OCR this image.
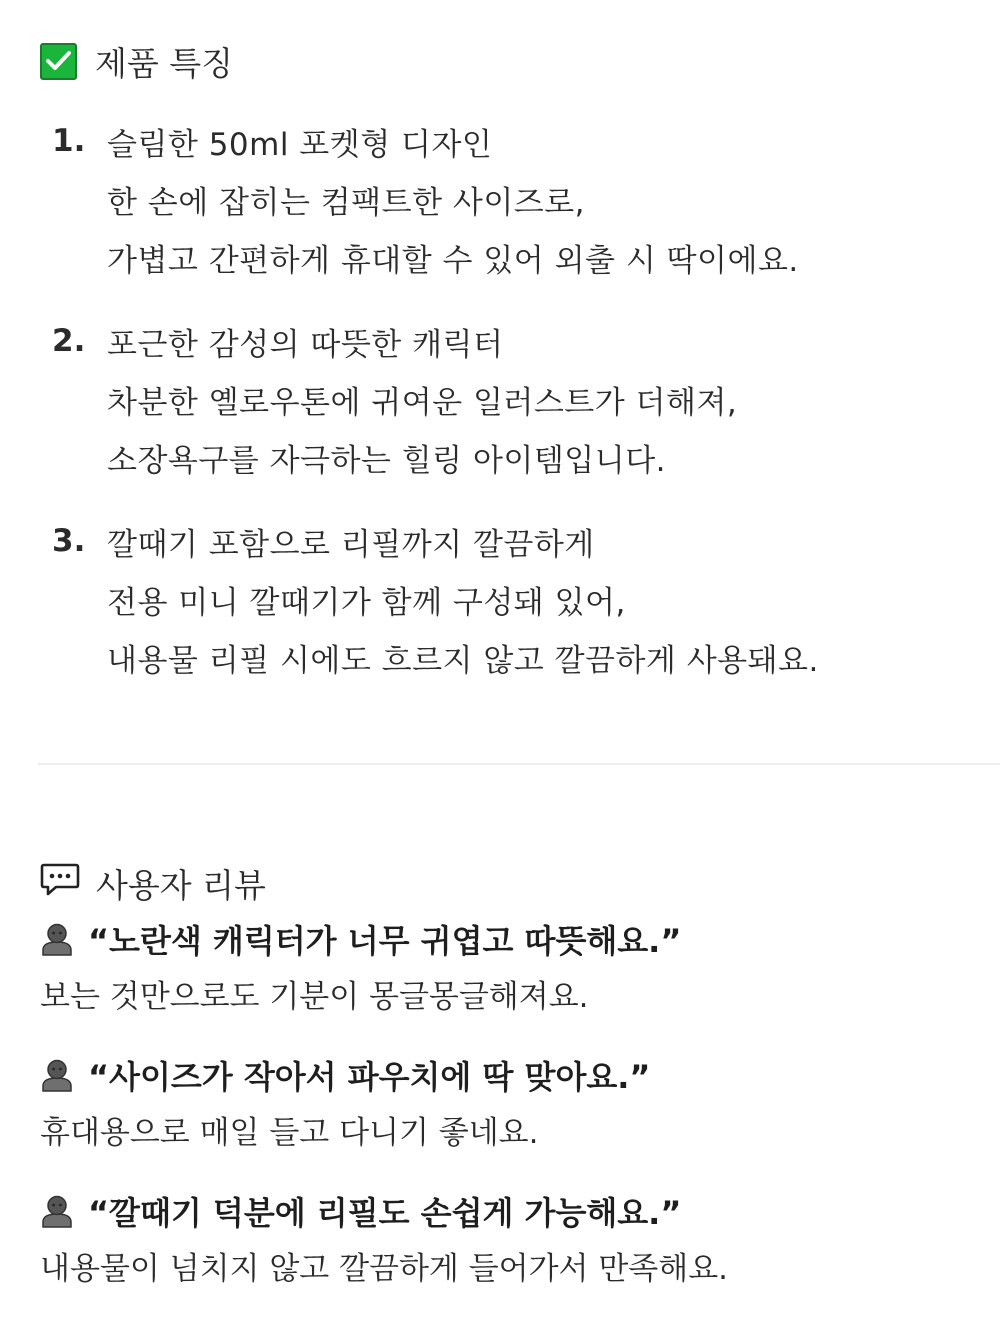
제품 특징
1. 슬림한 50ml 포켓형 디자인
한 손에 잡히는 컴팩트한 사이즈로,
가볍고 간편하게 휴대할 수 있어 외출 시 딱이에요.
2. 포근한 감성의 따뜻한 캐릭터
차분한 옐로우톤에 귀여운 일러스트가 더해져,
소장욕구를 자극하는 힐링 아이템입니다.
3. 깔때기 포함으로 리필까지 깔끔하게
전용 미니 깔때기가 함께 구성돼 있어,
내용물 리필 시에도 흐르지 않고 깔끔하게 사용돼요.
사용자 리뷰
“노란색 캐릭터가 너무 귀엽고 따뜻해요.”
보는 것만으로도 기분이 몽글몽글해져요.
“사이즈가 작아서 파우치에 딱 맞아요.”
휴대용으로 매일 들고 다니기 좋네요.
“깔때기 덕분에 리필도 손쉽게 가능해요.”
내용물이 넘치지 않고 깔끔하게 들어가서 만족해요.
